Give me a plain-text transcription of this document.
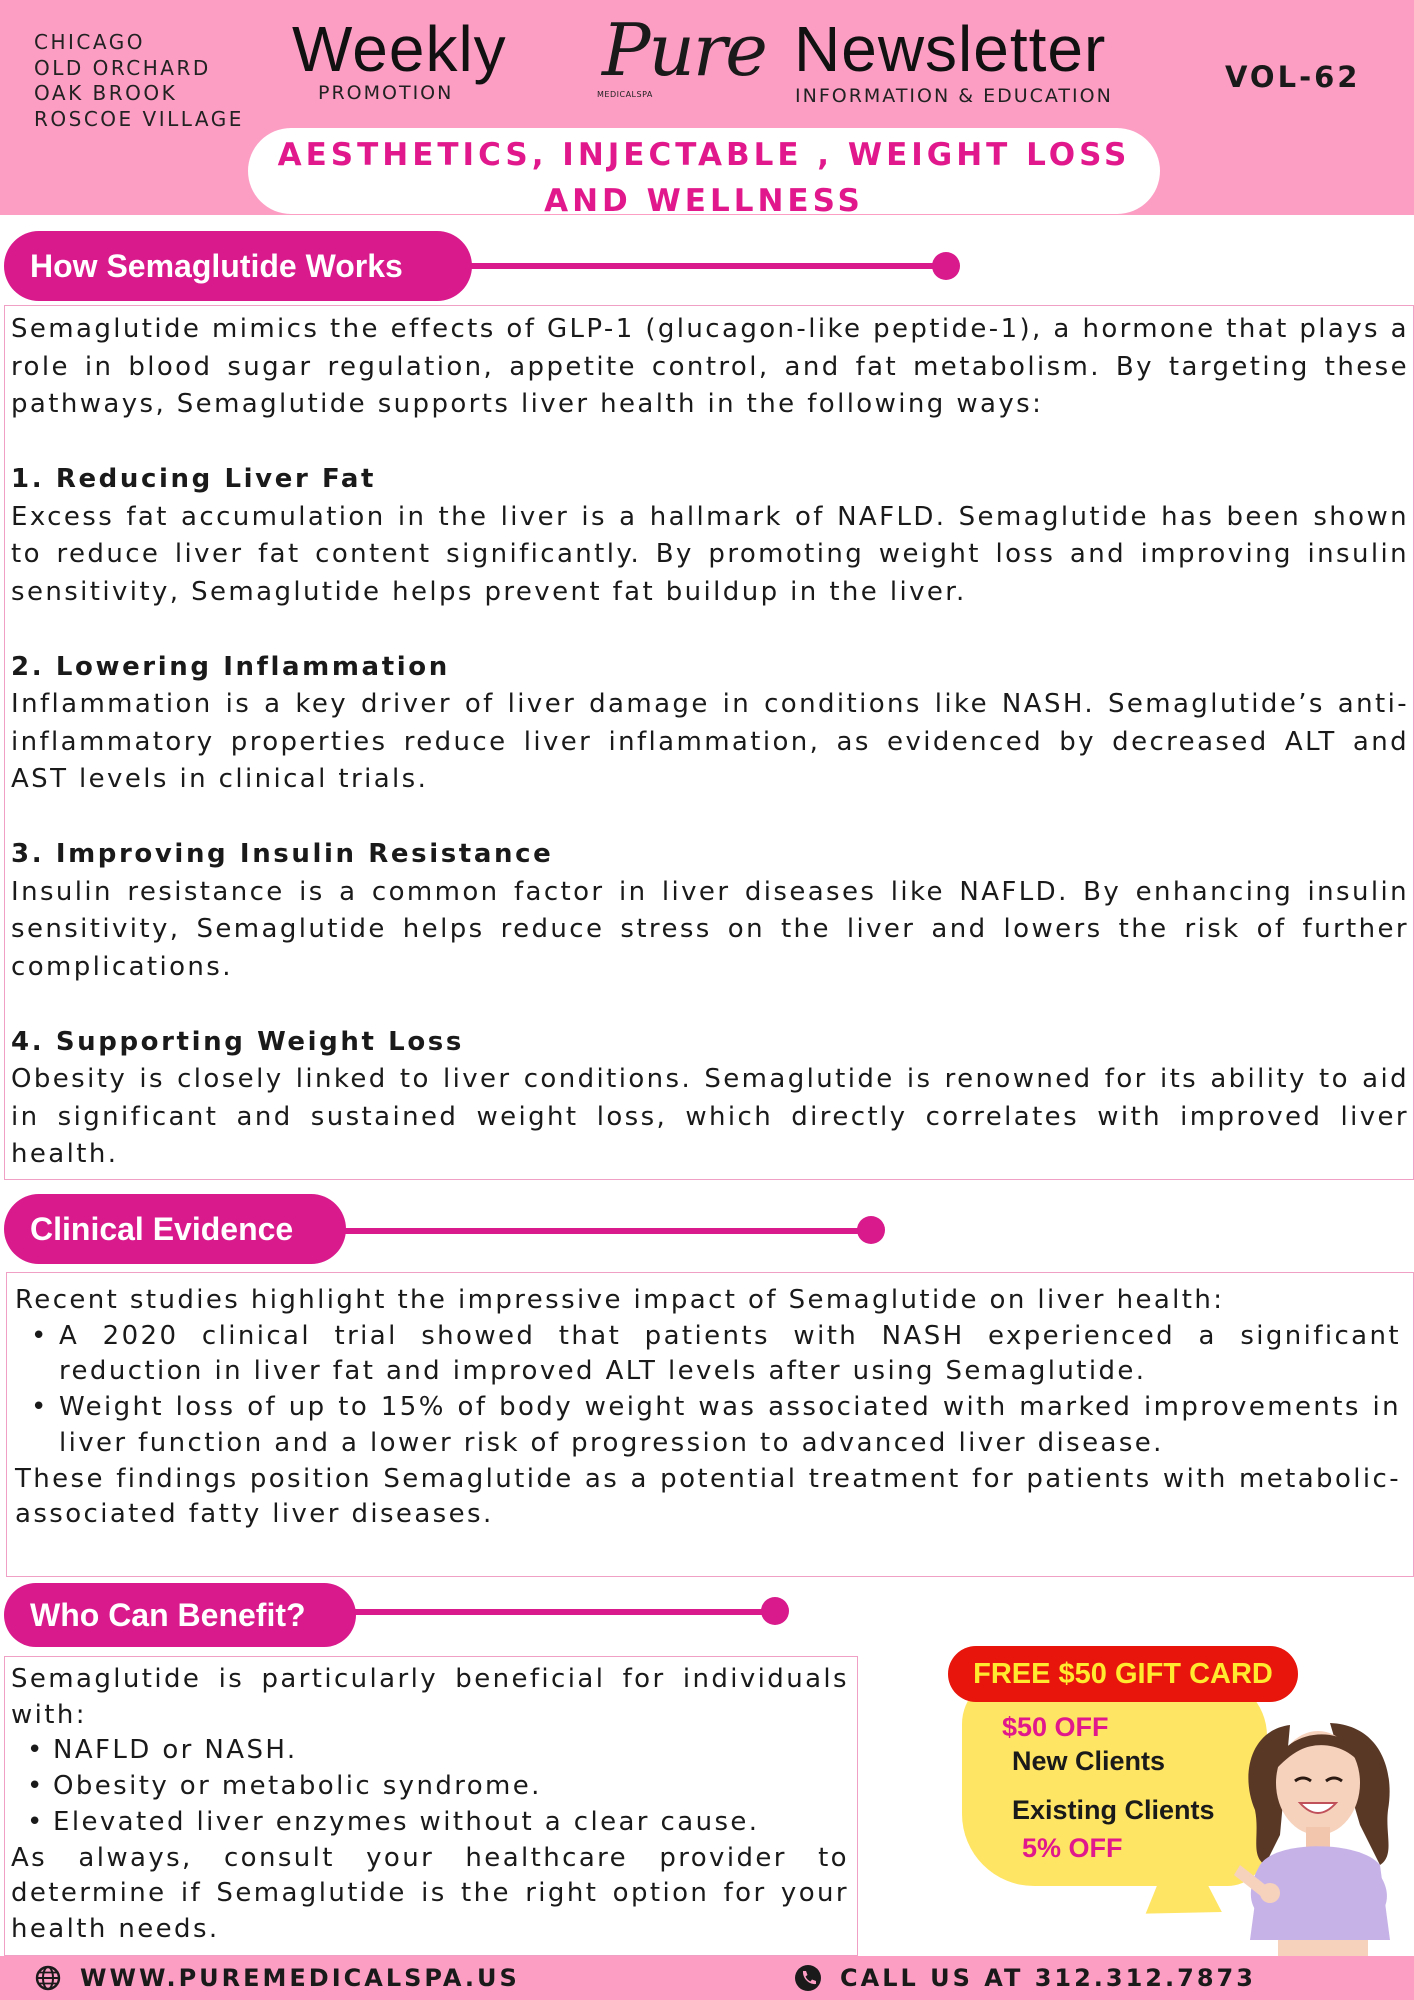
CHICAGO
OLD ORCHARD
OAK BROOK
ROSCOE VILLAGE
Weekly
PROMOTION
Pure
MEDICALSPA
Newsletter
INFORMATION & EDUCATION
VOL-62
AESTHETICS, INJECTABLE , WEIGHT LOSS
AND WELLNESS
How Semaglutide Works
Semaglutide mimics the effects of GLP-1 (glucagon-like peptide-1), a hormone that plays a role in blood sugar regulation, appetite control, and fat metabolism. By targeting these pathways, Semaglutide supports liver health in the following ways:
1. Reducing Liver Fat
Excess fat accumulation in the liver is a hallmark of NAFLD. Semaglutide has been shown to reduce liver fat content significantly. By promoting weight loss and improving insulin sensitivity, Semaglutide helps prevent fat buildup in the liver.
2. Lowering Inflammation
Inflammation is a key driver of liver damage in conditions like NASH. Semaglutide’s anti-inflammatory properties reduce liver inflammation, as evidenced by decreased ALT and AST levels in clinical trials.
3. Improving Insulin Resistance
Insulin resistance is a common factor in liver diseases like NAFLD. By enhancing insulin sensitivity, Semaglutide helps reduce stress on the liver and lowers the risk of further complications.
4. Supporting Weight Loss
Obesity is closely linked to liver conditions. Semaglutide is renowned for its ability to aid in significant and sustained weight loss, which directly correlates with improved liver health.
Clinical Evidence
Recent studies highlight the impressive impact of Semaglutide on liver health:
• A 2020 clinical trial showed that patients with NASH experienced a significant reduction in liver fat and improved ALT levels after using Semaglutide.
• Weight loss of up to 15% of body weight was associated with marked improvements in liver function and a lower risk of progression to advanced liver disease.
These findings position Semaglutide as a potential treatment for patients with metabolic-associated fatty liver diseases.
Who Can Benefit?
Semaglutide is particularly beneficial for individuals with:
• NAFLD or NASH.
• Obesity or metabolic syndrome.
• Elevated liver enzymes without a clear cause.
As always, consult your healthcare provider to determine if Semaglutide is the right option for your health needs.
FREE $50 GIFT CARD
$50 OFF
New Clients
Existing Clients
5% OFF
WWW.PUREMEDICALSPA.US	CALL US AT 312.312.7873
